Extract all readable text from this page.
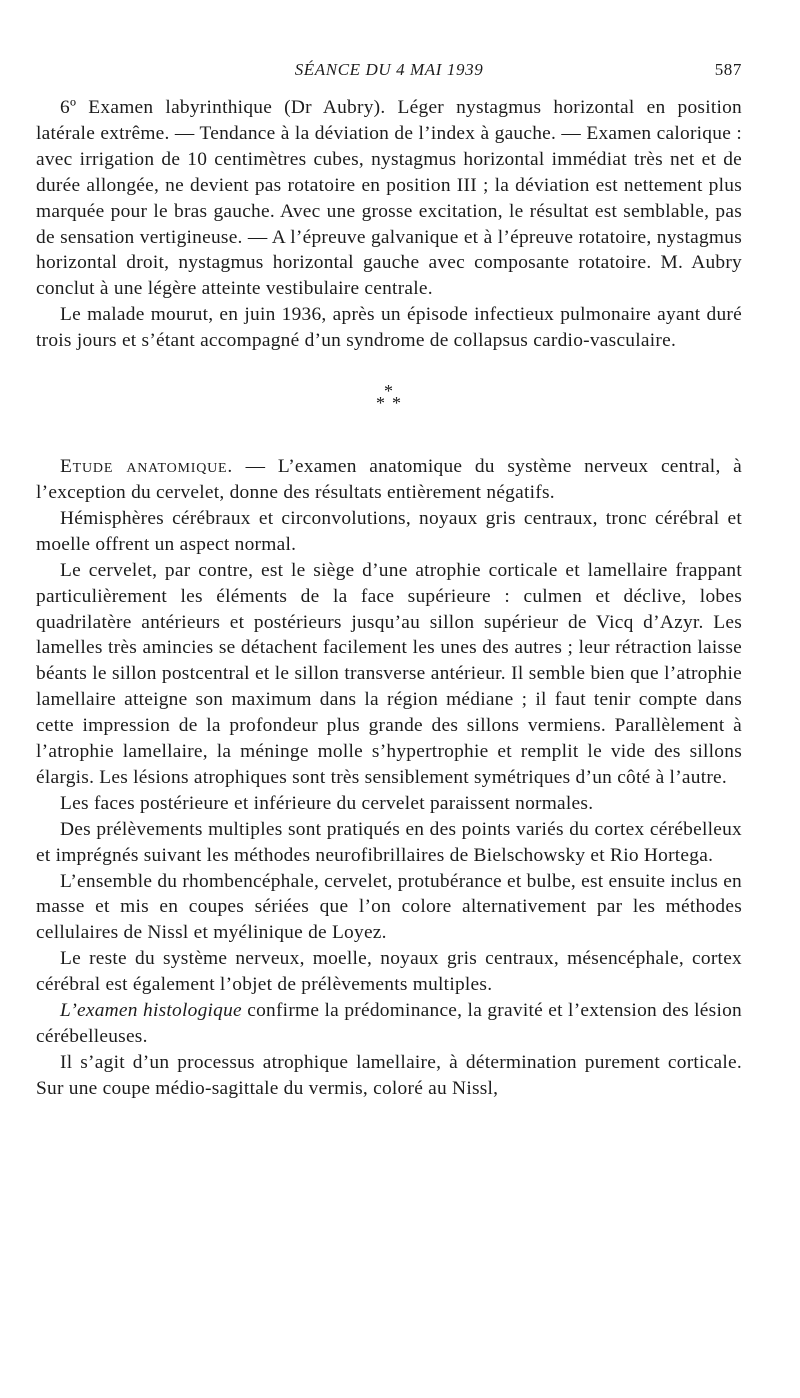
SÉANCE DU 4 MAI 1939	587

6º Examen labyrinthique (Dr Aubry). Léger nystagmus horizontal en position latérale extrême. — Tendance à la déviation de l’index à gauche. — Examen calorique : avec irrigation de 10 centimètres cubes, nystagmus horizontal immédiat très net et de durée allongée, ne devient pas rotatoire en position III ; la déviation est nettement plus marquée pour le bras gauche. Avec une grosse excitation, le résultat est semblable, pas de sensation vertigineuse. — A l’épreuve galvanique et à l’épreuve rotatoire, nystagmus horizontal droit, nystagmus horizontal gauche avec composante rotatoire. M. Aubry conclut à une légère atteinte vestibulaire centrale.

Le malade mourut, en juin 1936, après un épisode infectieux pulmonaire ayant duré trois jours et s’étant accompagné d’un syndrome de collapsus cardio-vasculaire.

*
* *

Etude anatomique. — L’examen anatomique du système nerveux central, à l’exception du cervelet, donne des résultats entièrement négatifs.

Hémisphères cérébraux et circonvolutions, noyaux gris centraux, tronc cérébral et moelle offrent un aspect normal.

Le cervelet, par contre, est le siège d’une atrophie corticale et lamellaire frappant particulièrement les éléments de la face supérieure : culmen et déclive, lobes quadrilatère antérieurs et postérieurs jusqu’au sillon supérieur de Vicq d’Azyr. Les lamelles très amincies se détachent facilement les unes des autres ; leur rétraction laisse béants le sillon postcentral et le sillon transverse antérieur. Il semble bien que l’atrophie lamellaire atteigne son maximum dans la région médiane ; il faut tenir compte dans cette impression de la profondeur plus grande des sillons vermiens. Parallèlement à l’atrophie lamellaire, la méninge molle s’hypertrophie et remplit le vide des sillons élargis. Les lésions atrophiques sont très sensiblement symétriques d’un côté à l’autre.

Les faces postérieure et inférieure du cervelet paraissent normales.

Des prélèvements multiples sont pratiqués en des points variés du cortex cérébelleux et imprégnés suivant les méthodes neurofibrillaires de Bielschowsky et Rio Hortega.

L’ensemble du rhombencéphale, cervelet, protubérance et bulbe, est ensuite inclus en masse et mis en coupes sériées que l’on colore alternativement par les méthodes cellulaires de Nissl et myélinique de Loyez.

Le reste du système nerveux, moelle, noyaux gris centraux, mésencéphale, cortex cérébral est également l’objet de prélèvements multiples.

L’examen histologique confirme la prédominance, la gravité et l’extension des lésion cérébelleuses.

Il s’agit d’un processus atrophique lamellaire, à détermination purement corticale. Sur une coupe médio-sagittale du vermis, coloré au Nissl,
